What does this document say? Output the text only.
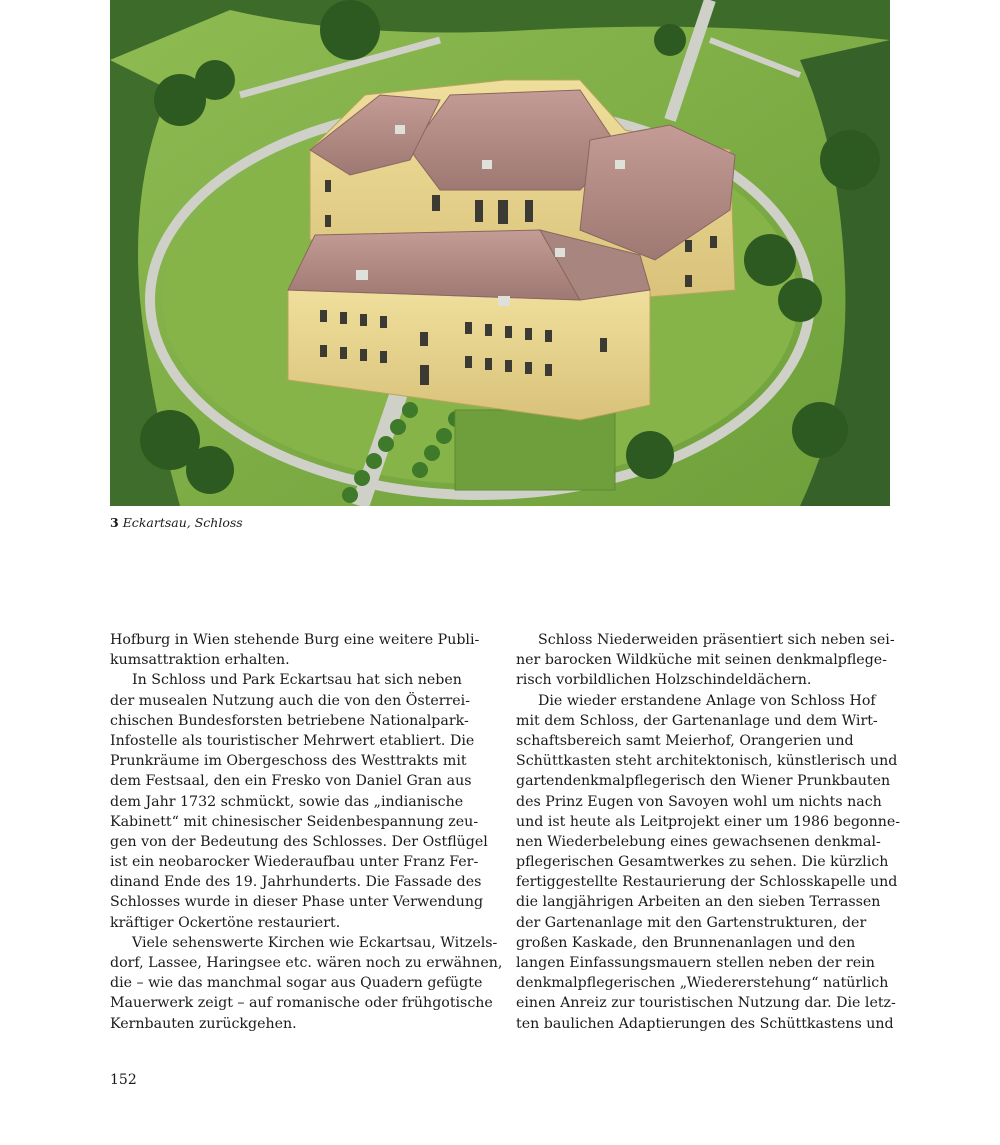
3 Eckartsau, Schloss
Hofburg in Wien stehende Burg eine weitere Publi-
kumsattraktion erhalten.
In Schloss und Park Eckartsau hat sich neben
der musealen Nutzung auch die von den Österrei-
chischen Bundesforsten betriebene Nationalpark-
Infostelle als touristischer Mehrwert etabliert. Die
Prunkräume im Obergeschoss des Westtrakts mit
dem Festsaal, den ein Fresko von Daniel Gran aus
dem Jahr 1732 schmückt, sowie das „indianische
Kabinett“ mit chinesischer Seidenbespannung zeu-
gen von der Bedeutung des Schlosses. Der Ostflügel
ist ein neobarocker Wiederaufbau unter Franz Fer-
dinand Ende des 19. Jahrhunderts. Die Fassade des
Schlosses wurde in dieser Phase unter Verwendung
kräftiger Ockertöne restauriert.
Viele sehenswerte Kirchen wie Eckartsau, Witzels-
dorf, Lassee, Haringsee etc. wären noch zu erwähnen,
die – wie das manchmal sogar aus Quadern gefügte
Mauerwerk zeigt – auf romanische oder frühgotische
Kernbauten zurückgehen.
Schloss Niederweiden präsentiert sich neben sei-
ner barocken Wildküche mit seinen denkmalpflege-
risch vorbildlichen Holzschindeldächern.
Die wieder erstandene Anlage von Schloss Hof
mit dem Schloss, der Gartenanlage und dem Wirt-
schaftsbereich samt Meierhof, Orangerien und
Schüttkasten steht architektonisch, künstlerisch und
gartendenkmalpflegerisch den Wiener Prunkbauten
des Prinz Eugen von Savoyen wohl um nichts nach
und ist heute als Leitprojekt einer um 1986 begonne-
nen Wiederbelebung eines gewachsenen denkmal-
pflegerischen Gesamtwerkes zu sehen. Die kürzlich
fertiggestellte Restaurierung der Schlosskapelle und
die langjährigen Arbeiten an den sieben Terrassen
der Gartenanlage mit den Gartenstrukturen, der
großen Kaskade, den Brunnenanlagen und den
langen Einfassungsmauern stellen neben der rein
denkmalpflegerischen „Wiedererstehung“ natürlich
einen Anreiz zur touristischen Nutzung dar. Die letz-
ten baulichen Adaptierungen des Schüttkastens und
152
